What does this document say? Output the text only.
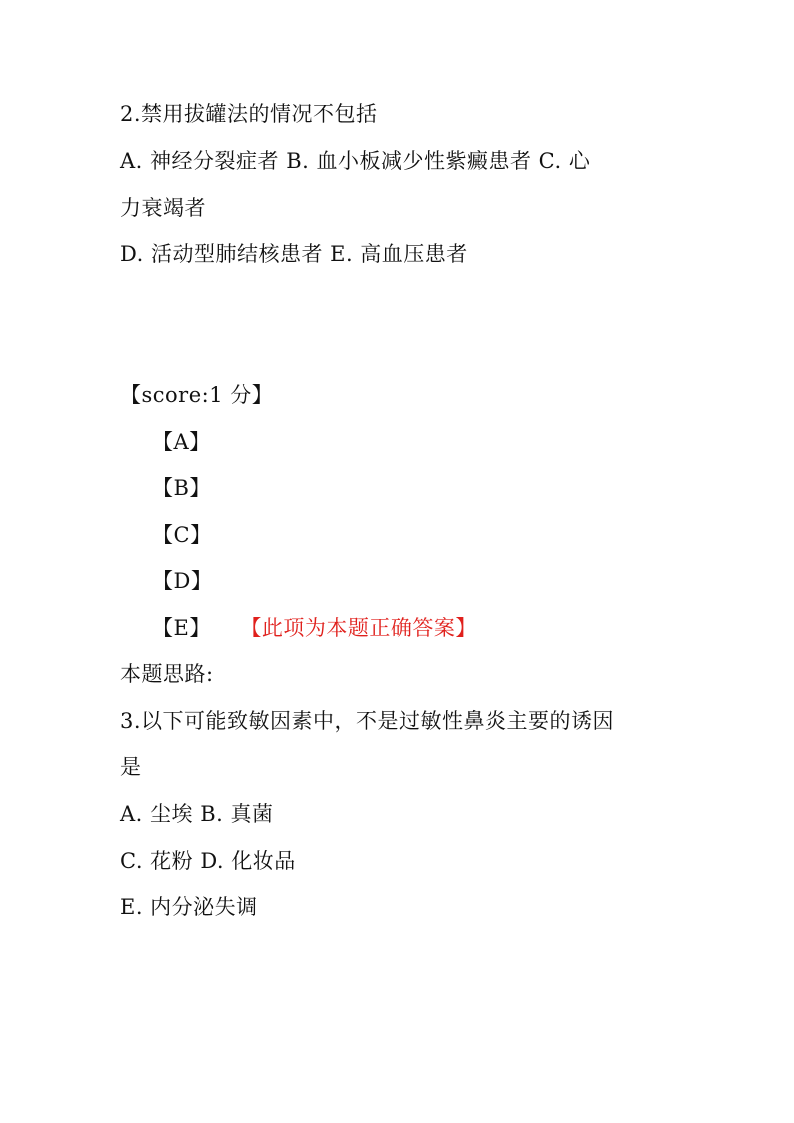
2.禁用拔罐法的情况不包括
A. 神经分裂症者 B. 血小板减少性紫癜患者 C. 心
力衰竭者
D. 活动型肺结核患者 E. 高血压患者
【score:1 分】
【A】
【B】
【C】
【D】
【E】 【此项为本题正确答案】
本题思路:
3.以下可能致敏因素中，不是过敏性鼻炎主要的诱因
是
A. 尘埃 B. 真菌
C. 花粉 D. 化妆品
E. 内分泌失调
